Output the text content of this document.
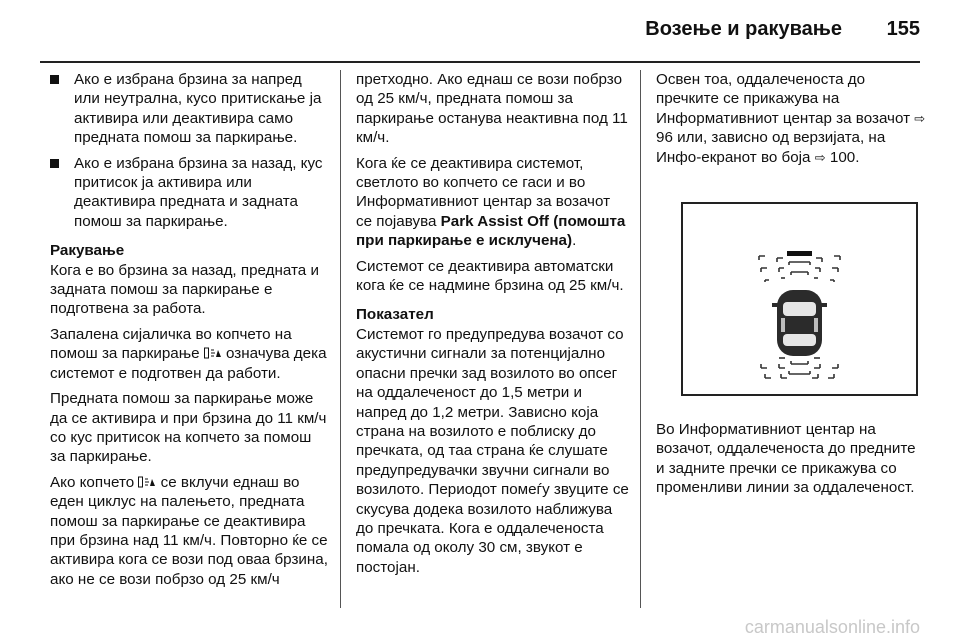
Возење и ракување 155
Ако е избрана брзина за напред или неутрална, кусо притискање ја активира или деактивира само предната помош за паркирање.
Ако е избрана брзина за назад, кус притисок ја активира или деактивира предната и задната помош за паркирање.
Ракување

Кога е во брзина за назад, предната и задната помош за паркирање е подготвена за работа.

Запалена сијаличка во копчето на помош за паркирање означува дека системот е подготвен да работи.

Предната помош за паркирање може да се активира и при брзина до 11 км/ч со кус притисок на копчето за помош за паркирање.

Ако копчето се вклучи еднаш во еден циклус на палењето, предната помош за паркирање се деактивира при брзина над 11 км/ч. Повторно ќе се активира кога се вози под оваа брзина, ако не се вози побрзо од 25 км/ч

претходно. Ако еднаш се вози побрзо од 25 км/ч, предната помош за паркирање останува неактивна под 11 км/ч.

Кога ќе се деактивира системот, светлото во копчето се гаси и во Информативниот центар за возачот се појавува Park Assist Off (помошта при паркирање е исклучена).

Системот се деактивира автоматски кога ќе се надмине брзина од 25 км/ч.

Показател

Системот го предупредува возачот со акустични сигнали за потенцијално опасни пречки зад возилото во опсег на оддалеченост до 1,5 метри и напред до 1,2 метри. Зависно која страна на возилото е поблиску до пречката, од таа страна ќе слушате предупредувачки звучни сигнали во возилото. Периодот помеѓу звуците се скусува додека возилото наближува до пречката. Кога е оддалеченоста помала од околу 30 см, звукот е постојан.

Освен тоа, оддалеченоста до пречките се прикажува на Информативниот центар за возачот ⇨ 96 или, зависно од верзијата, на Инфо-екранот во боја ⇨ 100.

Во Информативниот центар на возачот, оддалеченоста до предните и задните пречки се прикажува со променливи линии за оддалеченост.

carmanualsonline.info
